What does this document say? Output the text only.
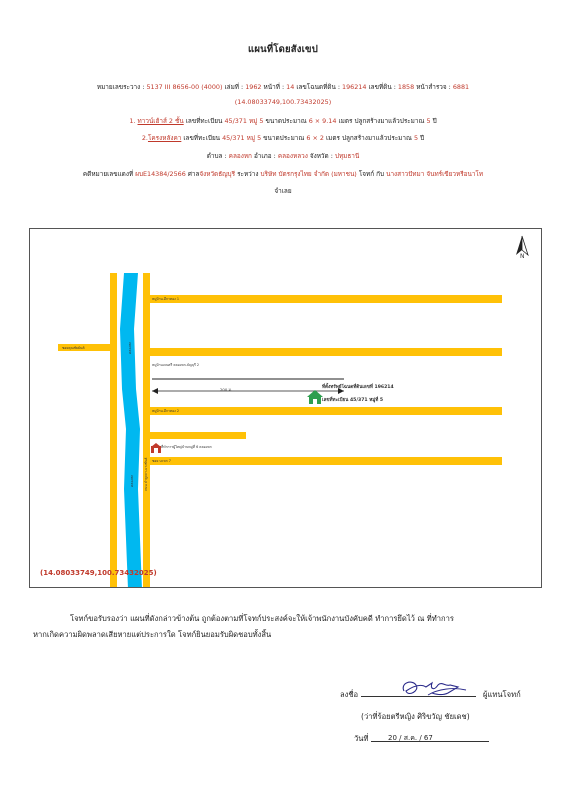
แผนที่โดยสังเขป
หมายเลขระวาง : 5137 III 8656-00 (4000) เล่มที่ : 1962 หน้าที่ : 14 เลขโฉนดที่ดิน : 196214 เลขที่ดิน : 1858 หน้าสำรวจ : 6881
(14.08033749,100.73432025)
1. ทาวน์เฮ้าส์ 2 ชั้น เลขที่ทะเบียน 45/371 หมู่ 5 ขนาดประมาณ 6 × 9.14 เมตร ปลูกสร้างมาแล้วประมาณ 5 ปี
2.โครงหลังคา เลขที่ทะเบียน 45/371 หมู่ 5 ขนาดประมาณ 6 × 2 เมตร ปลูกสร้างมาแล้วประมาณ 5 ปี
ตำบล : คลองหก อำเภอ : คลองหลวง จังหวัด : ปทุมธานี
คดีหมายเลขแดงที่ ผบE14384/2566 ศาลจังหวัดธัญบุรี ระหว่าง บริษัท บัตรกรุงไทย จำกัด (มหาชน) โจทก์ กับ นางสาวปัทมา จันทร์เขียวหรือนาโท
จำเลย
N
หมู่บ้าน.อีกาทอง 1
ซอยคุณชัยยันต์	คลองหก
หมู่บ้านเจนศรี คลองหก-ธัญบุรี 2
หมู่บ้าน.อีกาทอง 2
ซอย บะหก 7
ถนน ลำลูกกา-บางขันธ์
คลองหก
200 ม.	ที่ตั้งทรัพย์โฉนดที่ดินเลขที่ 196214
เลขที่ทะเบียน 45/371 หมู่ที่ 5
ที่ทำการผู้ใหญ่บ้านหมู่ที่ 6 คลองหก
(14.08033749,100.73432025)
โจทก์ขอรับรองว่า แผนที่ดังกล่าวข้างต้น ถูกต้องตามที่โจทก์ประสงค์จะให้เจ้าพนักงานบังคับคดี ทำการยึดไว้ ณ ที่ทำการ
หากเกิดความผิดพลาดเสียหายแต่ประการใด โจทก์ยินยอมรับผิดชอบทั้งสิ้น
ลงชื่อ	ผู้แทนโจทก์
(ว่าที่ร้อยตรีหญิง ศิริขวัญ ชัยเดช)
วันที่	20 / ส.ค. / 67
